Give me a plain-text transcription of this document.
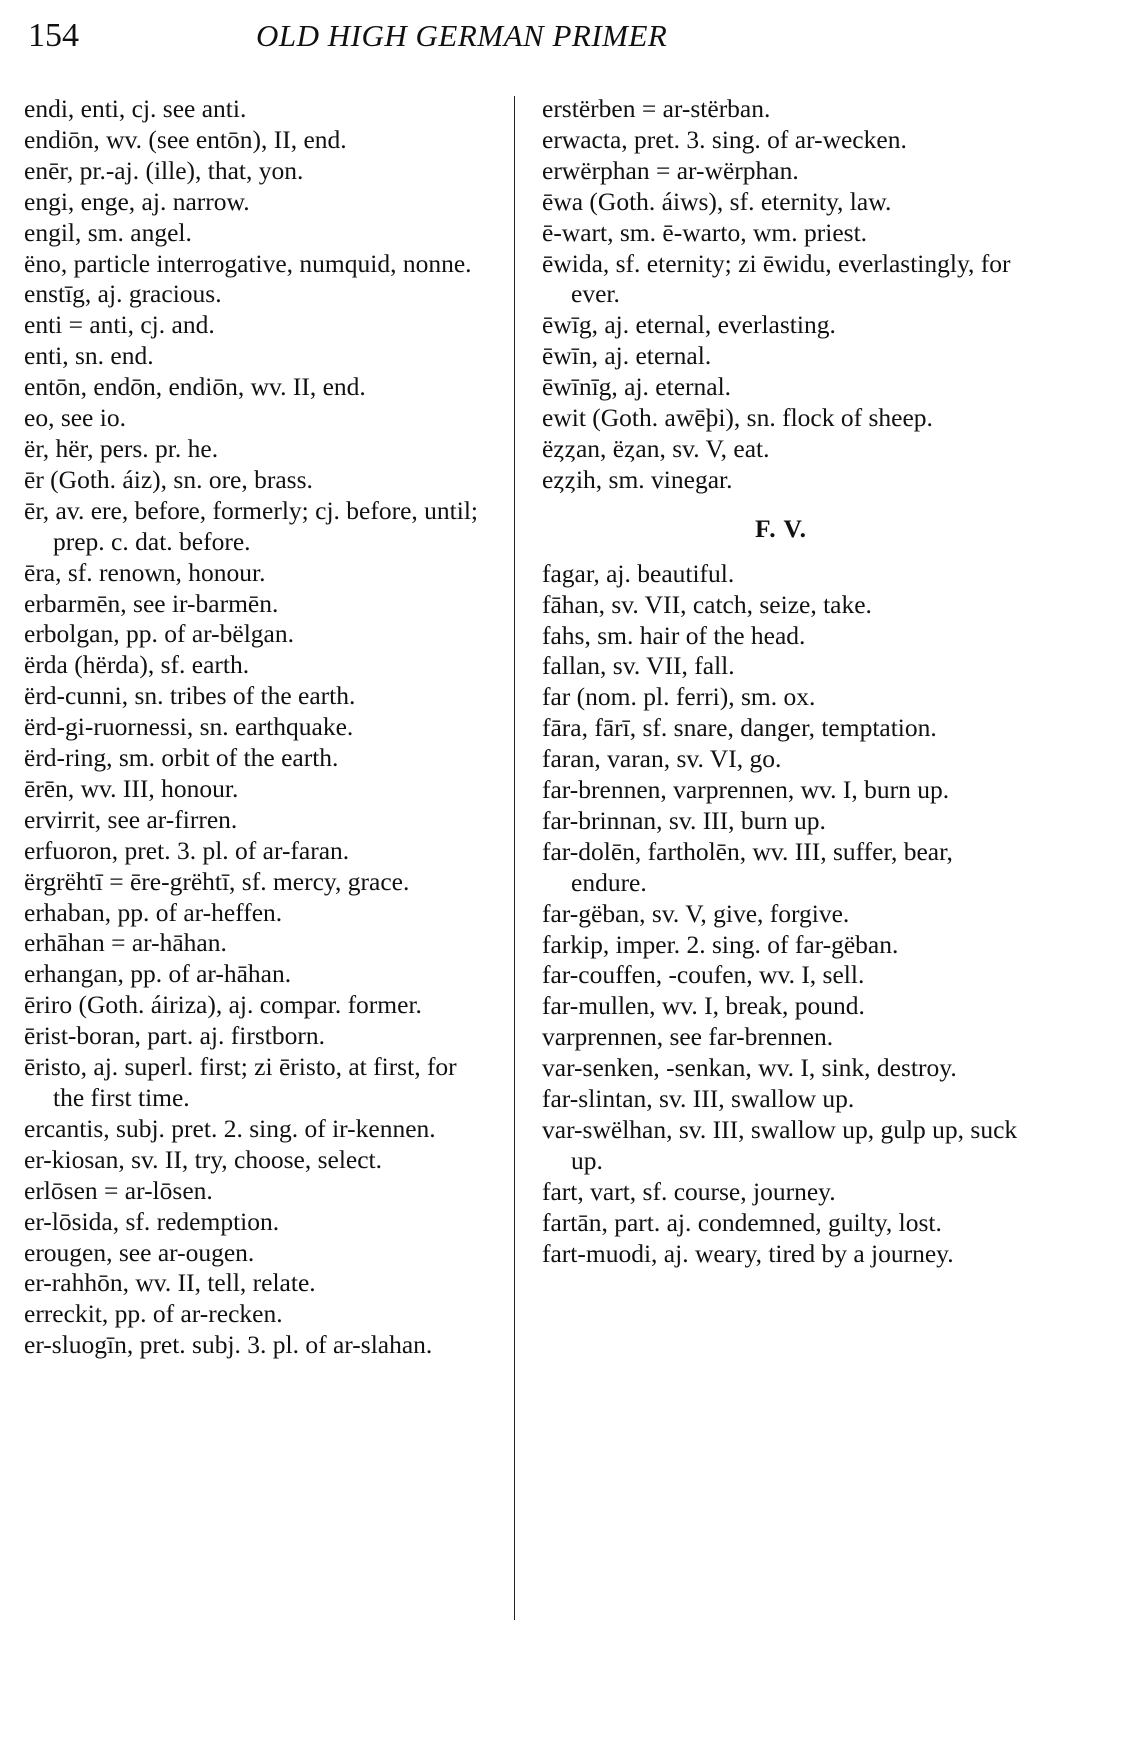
154	OLD HIGH GERMAN PRIMER
endi, enti, cj. see anti.
endiōn, wv. (see entōn), II, end.
enēr, pr.-aj. (ille), that, yon.
engi, enge, aj. narrow.
engil, sm. angel.
ëno, particle interrogative, numquid, nonne.
enstīg, aj. gracious.
enti = anti, cj. and.
enti, sn. end.
entōn, endōn, endiōn, wv. II, end.
eo, see io.
ër, hër, pers. pr. he.
ēr (Goth. áiz), sn. ore, brass.
ēr, av. ere, before, formerly; cj. before, until; prep. c. dat. before.
ēra, sf. renown, honour.
erbarmēn, see ir-barmēn.
erbolgan, pp. of ar-bëlgan.
ërda (hërda), sf. earth.
ërd-cunni, sn. tribes of the earth.
ërd-gi-ruornessi, sn. earthquake.
ërd-ring, sm. orbit of the earth.
ērēn, wv. III, honour.
ervirrit, see ar-firren.
erfuoron, pret. 3. pl. of ar-faran.
ërgrëhtī = ēre-grëhtī, sf. mercy, grace.
erhaban, pp. of ar-heffen.
erhāhan = ar-hāhan.
erhangan, pp. of ar-hāhan.
ēriro (Goth. áiriza), aj. compar. former.
ērist-boran, part. aj. firstborn.
ēristo, aj. superl. first; zi ēristo, at first, for the first time.
ercantis, subj. pret. 2. sing. of ir-kennen.
er-kiosan, sv. II, try, choose, select.
erlōsen = ar-lōsen.
er-lōsida, sf. redemption.
erougen, see ar-ougen.
er-rahhōn, wv. II, tell, relate.
erreckit, pp. of ar-recken.
er-sluogīn, pret. subj. 3. pl. of ar-slahan.
erstërben = ar-stërban.
erwacta, pret. 3. sing. of ar-wecken.
erwërphan = ar-wërphan.
ēwa (Goth. áiws), sf. eternity, law.
ē-wart, sm. ē-warto, wm. priest.
ēwida, sf. eternity; zi ēwidu, everlastingly, for ever.
ēwīg, aj. eternal, everlasting.
ēwīn, aj. eternal.
ēwīnīg, aj. eternal.
ewit (Goth. awēþi), sn. flock of sheep.
ëȥȥan, ëȥan, sv. V, eat.
eȥȥih, sm. vinegar.
F. V.
fagar, aj. beautiful.
fāhan, sv. VII, catch, seize, take.
fahs, sm. hair of the head.
fallan, sv. VII, fall.
far (nom. pl. ferri), sm. ox.
fāra, fārī, sf. snare, danger, temptation.
faran, varan, sv. VI, go.
far-brennen, varprennen, wv. I, burn up.
far-brinnan, sv. III, burn up.
far-dolēn, fartholēn, wv. III, suffer, bear, endure.
far-gëban, sv. V, give, forgive.
farkip, imper. 2. sing. of far-gëban.
far-couffen, -coufen, wv. I, sell.
far-mullen, wv. I, break, pound.
varprennen, see far-brennen.
var-senken, -senkan, wv. I, sink, destroy.
far-slintan, sv. III, swallow up.
var-swëlhan, sv. III, swallow up, gulp up, suck up.
fart, vart, sf. course, journey.
fartān, part. aj. condemned, guilty, lost.
fart-muodi, aj. weary, tired by a journey.
